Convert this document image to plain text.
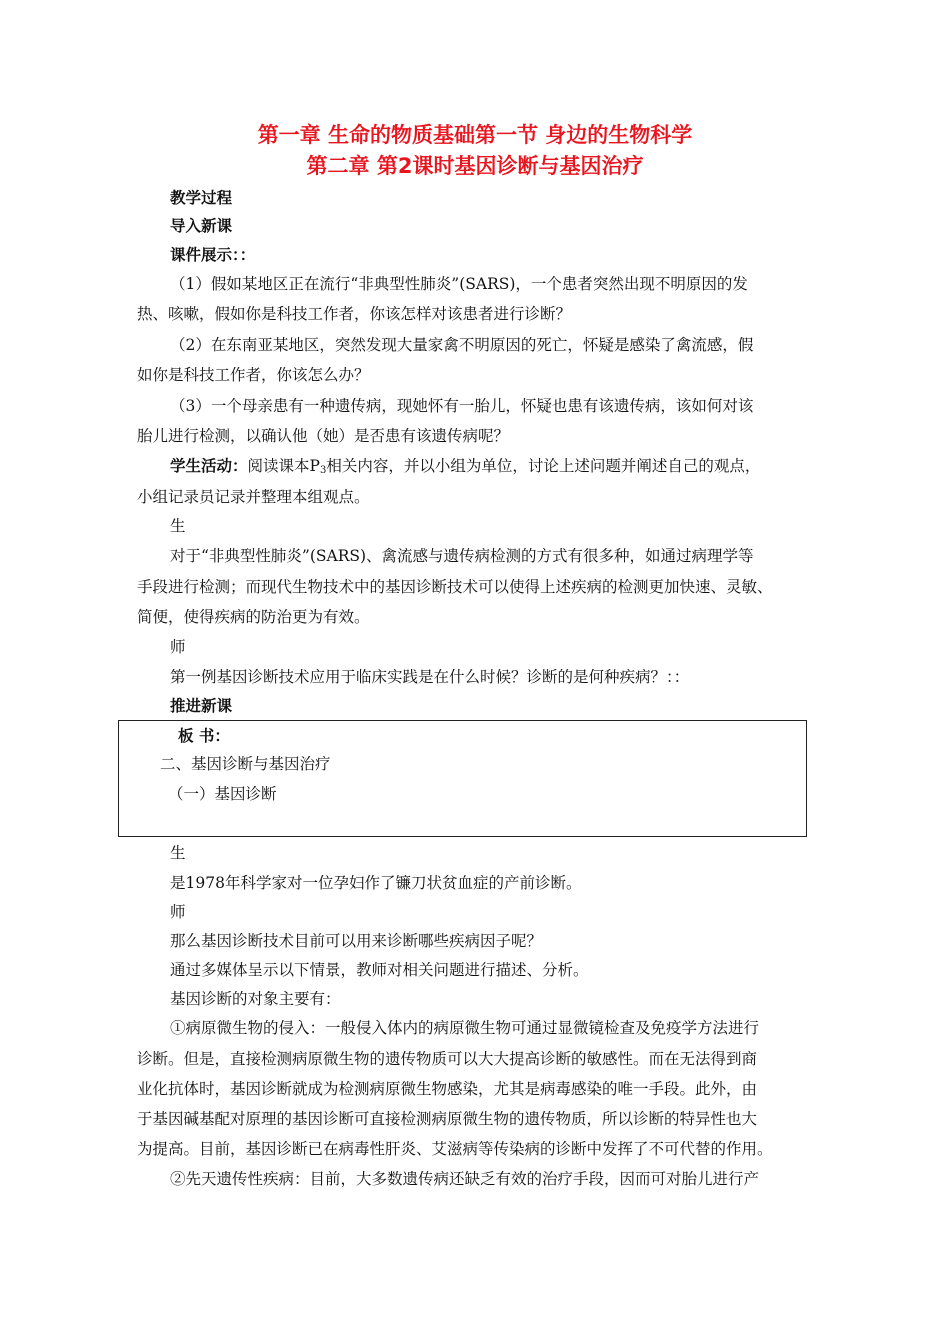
第一章 生命的物质基础第一节 身边的生物科学
第二章 第2课时基因诊断与基因治疗
教学过程
导入新课
课件展示：：
（1）假如某地区正在流行“非典型性肺炎”(SARS)，一个患者突然出现不明原因的发
热、咳嗽，假如你是科技工作者，你该怎样对该患者进行诊断？
（2）在东南亚某地区，突然发现大量家禽不明原因的死亡，怀疑是感染了禽流感，假
如你是科技工作者，你该怎么办？
（3）一个母亲患有一种遗传病，现她怀有一胎儿，怀疑也患有该遗传病，该如何对该
胎儿进行检测，以确认他（她）是否患有该遗传病呢？
学生活动：阅读课本$P_3$相关内容，并以小组为单位，讨论上述问题并阐述自己的观点，
小组记录员记录并整理本组观点。
生
对于“非典型性肺炎”(SARS)、禽流感与遗传病检测的方式有很多种，如通过病理学等
手段进行检测；而现代生物技术中的基因诊断技术可以使得上述疾病的检测更加快速、灵敏、
简便，使得疾病的防治更为有效。
师
第一例基因诊断技术应用于临床实践是在什么时候？诊断的是何种疾病？：：
推进新课
板 书：
二、基因诊断与基因治疗
（一）基因诊断
生
是1978年科学家对一位孕妇作了镰刀状贫血症的产前诊断。
师
那么基因诊断技术目前可以用来诊断哪些疾病因子呢？
通过多媒体呈示以下情景，教师对相关问题进行描述、分析。
基因诊断的对象主要有：
①病原微生物的侵入：一般侵入体内的病原微生物可通过显微镜检查及免疫学方法进行
诊断。但是，直接检测病原微生物的遗传物质可以大大提高诊断的敏感性。而在无法得到商
业化抗体时，基因诊断就成为检测病原微生物感染，尤其是病毒感染的唯一手段。此外，由
于基因碱基配对原理的基因诊断可直接检测病原微生物的遗传物质，所以诊断的特异性也大
为提高。目前，基因诊断已在病毒性肝炎、艾滋病等传染病的诊断中发挥了不可代替的作用。
②先天遗传性疾病：目前，大多数遗传病还缺乏有效的治疗手段，因而可对胎儿进行产
